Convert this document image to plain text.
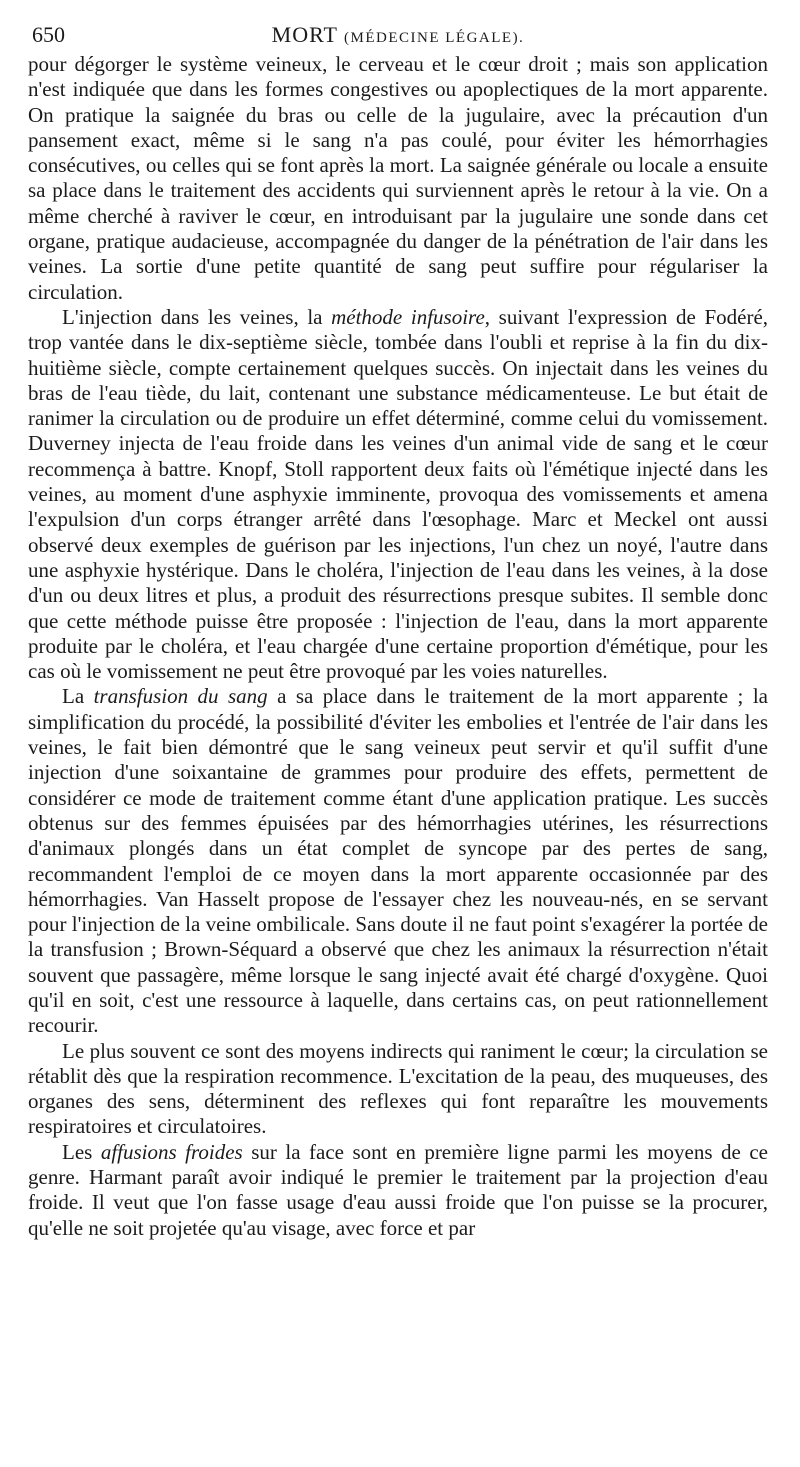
650	MORT (MÉDECINE LÉGALE).

pour dégorger le système veineux, le cerveau et le cœur droit ; mais son application n'est indiquée que dans les formes congestives ou apoplectiques de la mort apparente. On pratique la saignée du bras ou celle de la jugulaire, avec la précaution d'un pansement exact, même si le sang n'a pas coulé, pour éviter les hémorrhagies consécutives, ou celles qui se font après la mort. La saignée générale ou locale a ensuite sa place dans le traitement des accidents qui surviennent après le retour à la vie. On a même cherché à raviver le cœur, en introduisant par la jugulaire une sonde dans cet organe, pratique audacieuse, accompagnée du danger de la pénétration de l'air dans les veines. La sortie d'une petite quantité de sang peut suffire pour régulariser la circulation.

L'injection dans les veines, la méthode infusoire, suivant l'expression de Fodéré, trop vantée dans le dix-septième siècle, tombée dans l'oubli et reprise à la fin du dix-huitième siècle, compte certainement quelques succès. On injectait dans les veines du bras de l'eau tiède, du lait, contenant une substance médicamenteuse. Le but était de ranimer la circulation ou de produire un effet déterminé, comme celui du vomissement. Duverney injecta de l'eau froide dans les veines d'un animal vide de sang et le cœur recommença à battre. Knopf, Stoll rapportent deux faits où l'émétique injecté dans les veines, au moment d'une asphyxie imminente, provoqua des vomissements et amena l'expulsion d'un corps étranger arrêté dans l'œsophage. Marc et Meckel ont aussi observé deux exemples de guérison par les injections, l'un chez un noyé, l'autre dans une asphyxie hystérique. Dans le choléra, l'injection de l'eau dans les veines, à la dose d'un ou deux litres et plus, a produit des résurrections presque subites. Il semble donc que cette méthode puisse être proposée : l'injection de l'eau, dans la mort apparente produite par le choléra, et l'eau chargée d'une certaine proportion d'émétique, pour les cas où le vomissement ne peut être provoqué par les voies naturelles.

La transfusion du sang a sa place dans le traitement de la mort apparente ; la simplification du procédé, la possibilité d'éviter les embolies et l'entrée de l'air dans les veines, le fait bien démontré que le sang veineux peut servir et qu'il suffit d'une injection d'une soixantaine de grammes pour produire des effets, permettent de considérer ce mode de traitement comme étant d'une application pratique. Les succès obtenus sur des femmes épuisées par des hémorrhagies utérines, les résurrections d'animaux plongés dans un état complet de syncope par des pertes de sang, recommandent l'emploi de ce moyen dans la mort apparente occasionnée par des hémorrhagies. Van Hasselt propose de l'essayer chez les nouveau-nés, en se servant pour l'injection de la veine ombilicale. Sans doute il ne faut point s'exagérer la portée de la transfusion ; Brown-Séquard a observé que chez les animaux la résurrection n'était souvent que passagère, même lorsque le sang injecté avait été chargé d'oxygène. Quoi qu'il en soit, c'est une ressource à laquelle, dans certains cas, on peut rationnellement recourir.

Le plus souvent ce sont des moyens indirects qui raniment le cœur; la circulation se rétablit dès que la respiration recommence. L'excitation de la peau, des muqueuses, des organes des sens, déterminent des reflexes qui font reparaître les mouvements respiratoires et circulatoires.

Les affusions froides sur la face sont en première ligne parmi les moyens de ce genre. Harmant paraît avoir indiqué le premier le traitement par la projection d'eau froide. Il veut que l'on fasse usage d'eau aussi froide que l'on puisse se la procurer, qu'elle ne soit projetée qu'au visage, avec force et par
